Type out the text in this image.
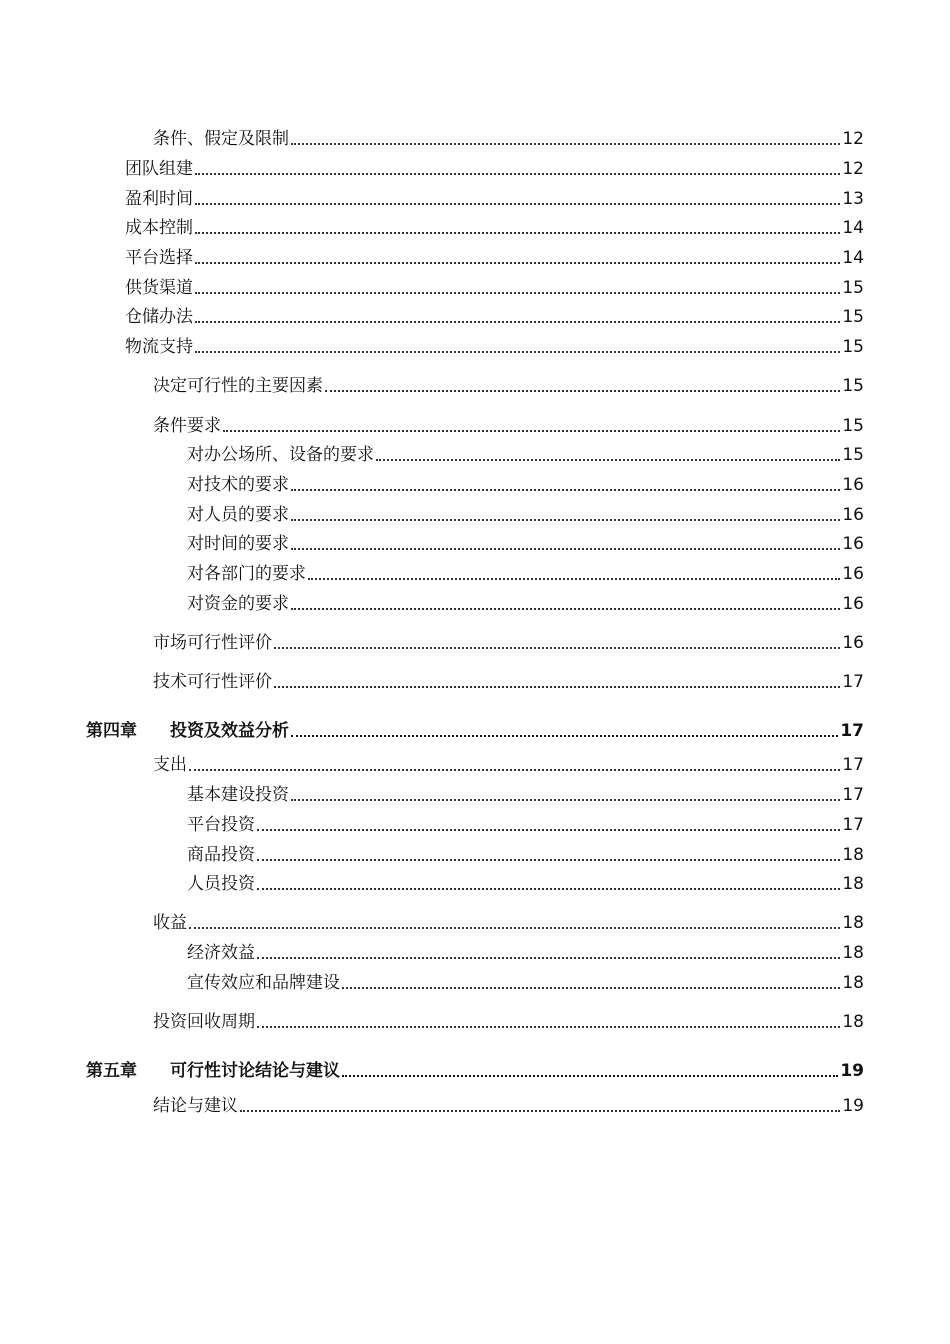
条件、假定及限制	12
团队组建	12
盈利时间	13
成本控制	14
平台选择	14
供货渠道	15
仓储办法	15
物流支持	15
决定可行性的主要因素	15
条件要求	15
对办公场所、设备的要求	15
对技术的要求	16
对人员的要求	16
对时间的要求	16
对各部门的要求	16
对资金的要求	16
市场可行性评价	16
技术可行性评价	17
第四章	投资及效益分析	17
支出	17
基本建设投资	17
平台投资	17
商品投资	18
人员投资	18
收益	18
经济效益	18
宣传效应和品牌建设	18
投资回收周期	18
第五章	可行性讨论结论与建议	19
结论与建议	19
